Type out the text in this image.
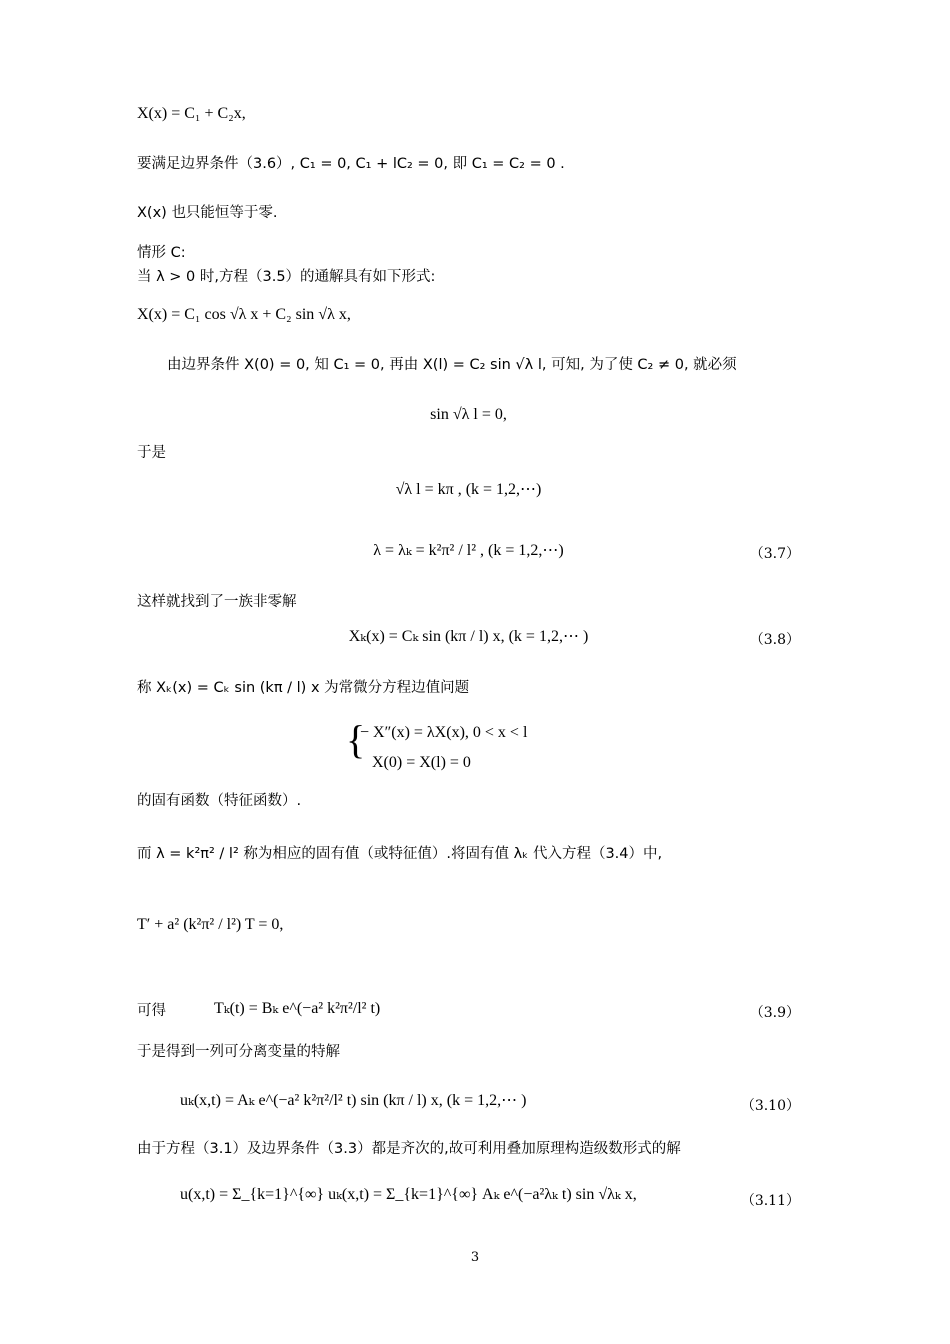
X(x) = C₁ + C₂x,
要满足边界条件（3.6）, C₁ = 0, C₁ + lC₂ = 0, 即 C₁ = C₂ = 0 .
X(x) 也只能恒等于零.
情形 C:
当 λ > 0 时,方程（3.5）的通解具有如下形式:
X(x) = C₁ cos √λ x + C₂ sin √λ x,
由边界条件 X(0) = 0, 知 C₁ = 0, 再由 X(l) = C₂ sin √λ l, 可知, 为了使 C₂ ≠ 0, 就必须
sin √λ l = 0,
于是
√λ l = kπ , (k = 1,2,⋯)
λ = λₖ = k²π² / l² , (k = 1,2,⋯)	（3.7）
这样就找到了一族非零解
Xₖ(x) = Cₖ sin (kπ / l) x, (k = 1,2,⋯ )	（3.8）
称 Xₖ(x) = Cₖ sin (kπ / l) x 为常微分方程边值问题
{
− X″(x) = λX(x), 0 < x < l
X(0) = X(l) = 0
的固有函数（特征函数）.
而 λ = k²π² / l² 称为相应的固有值（或特征值）.将固有值 λₖ 代入方程（3.4）中,
T′ + a² (k²π² / l²) T = 0,
可得	Tₖ(t) = Bₖ e^(−a² k²π²/l² t)	（3.9）
于是得到一列可分离变量的特解
uₖ(x,t) = Aₖ e^(−a² k²π²/l² t) sin (kπ / l) x, (k = 1,2,⋯ )	（3.10）
由于方程（3.1）及边界条件（3.3）都是齐次的,故可利用叠加原理构造级数形式的解
u(x,t) = Σ_{k=1}^{∞} uₖ(x,t) = Σ_{k=1}^{∞} Aₖ e^(−a²λₖ t) sin √λₖ x,	（3.11）
3
